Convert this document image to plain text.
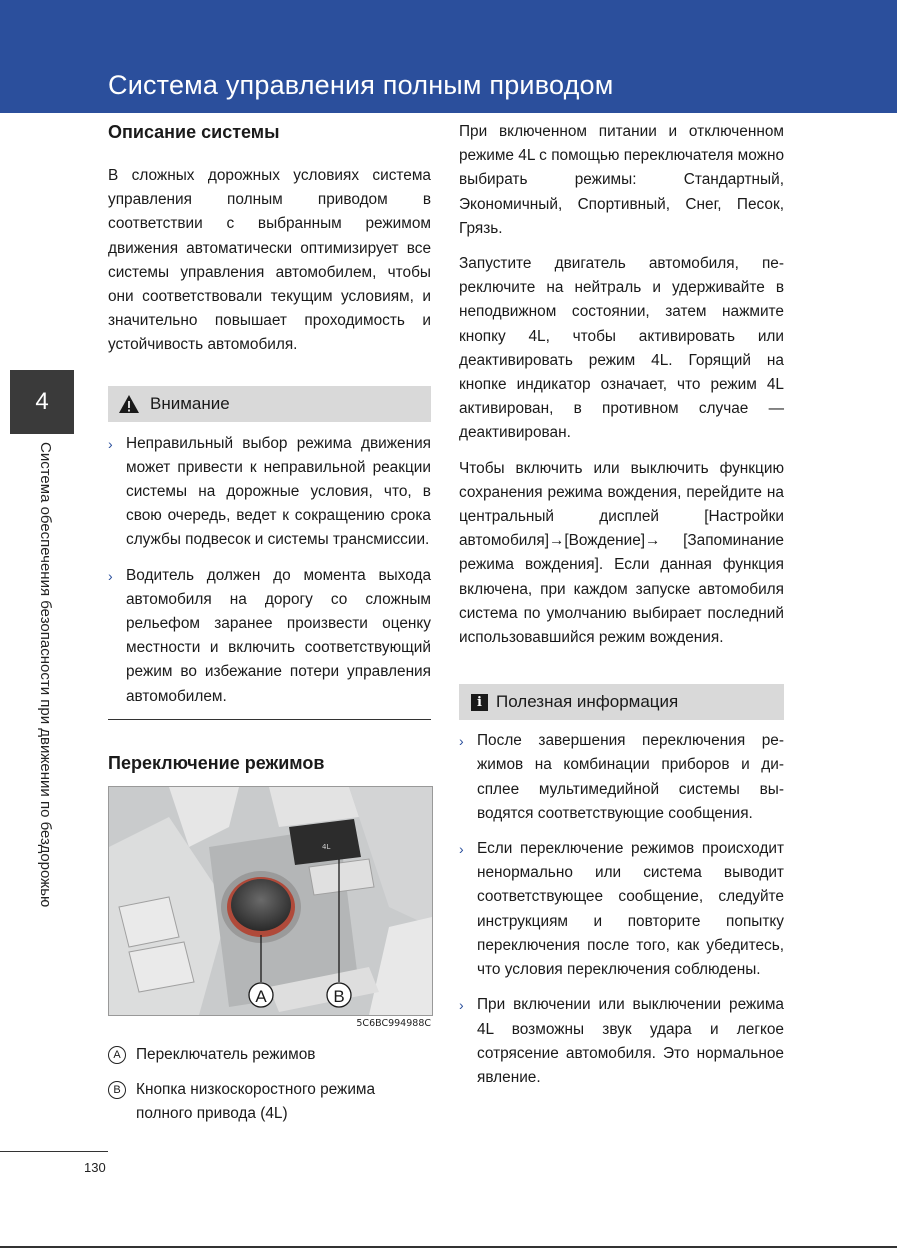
Система управления полным приводом
4
Система обеспечения безопасности при движении по бездорожью
Описание системы

В сложных дорожных условиях система управления полным приводом в соответствии с выбранным режимом движения автоматически оптимизирует все системы управления автомобилем, чтобы они соответствовали текущим условиям, и значительно повышает проходимость и устойчивость автомобиля.

Внимание
› Неправильный выбор режима движения может привести к неправильной реакции системы на дорожные условия, что, в свою очередь, ведет к сокращению срока службы подвесок и системы трансмиссии.

› Водитель должен до момента выхода автомобиля на дорогу со сложным рельефом заранее произвести оценку местности и включить соответствующий режим во избежание потери управления автомобилем.

Переключение режимов
4L
A	B
5C6BC994988C
A Переключатель режимов
B Кнопка низкоскоростного режима полного привода (4L)

При включенном питании и отключенном режиме 4L с помощью переключателя можно выбирать режимы: Стандартный, Экономичный, Спортивный, Снег, Песок, Грязь.

Запустите двигатель автомобиля, переключите на нейтраль и удерживайте в неподвижном состоянии, затем нажмите кнопку 4L, чтобы активировать или деактивировать режим 4L. Горящий на кнопке индикатор означает, что режим 4L активирован, в противном случае — деактивирован.

Чтобы включить или выключить функцию сохранения режима вождения, перейдите на центральный дисплей [Настройки автомобиля]→[Вождение]→ [Запоминание режима вождения]. Если данная функция включена, при каждом запуске автомобиля система по умолчанию выбирает последний использовавшийся режим вождения.

i Полезная информация
› После завершения переключения режимов на комбинации приборов и дисплее мультимедийной системы выводятся соответствующие сообщения.

› Если переключение режимов происходит ненормально или система выводит соответствующее сообщение, следуйте инструкциям и повторите попытку переключения после того, как убедитесь, что условия переключения соблюдены.

› При включении или выключении режима 4L возможны звук удара и легкое сотрясение автомобиля. Это нормальное явление.

130
